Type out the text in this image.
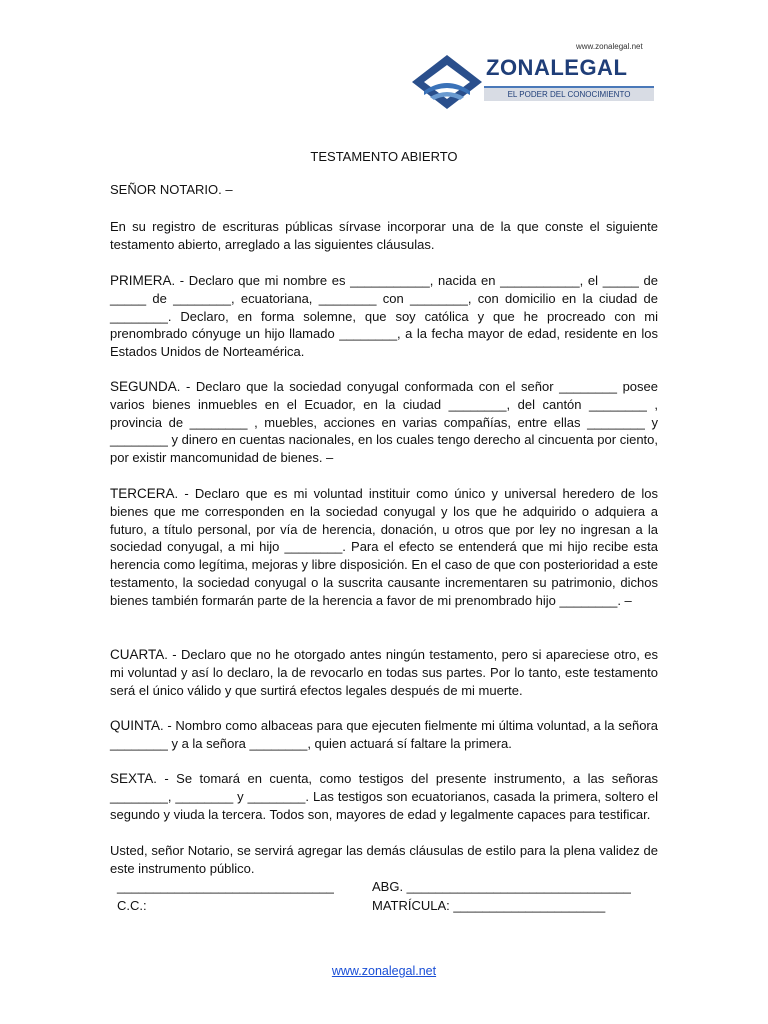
www.zonalegal.net
ZONALEGAL
EL PODER DEL CONOCIMIENTO
TESTAMENTO ABIERTO
SEÑOR NOTARIO. –
En su registro de escrituras públicas sírvase incorporar una de la que conste el siguiente testamento abierto, arreglado a las siguientes cláusulas.
PRIMERA. - Declaro que mi nombre es ___________, nacida en ___________, el _____ de _____ de ________, ecuatoriana, ________ con ________, con domicilio en la ciudad de ________. Declaro, en forma solemne, que soy católica y que he procreado con mi prenombrado cónyuge un hijo llamado ________, a la fecha mayor de edad, residente en los Estados Unidos de Norteamérica.
SEGUNDA. - Declaro que la sociedad conyugal conformada con el señor ________ posee varios bienes inmuebles en el Ecuador, en la ciudad ________, del cantón ________ , provincia de ________ , muebles, acciones en varias compañías, entre ellas ________ y ________ y dinero en cuentas nacionales, en los cuales tengo derecho al cincuenta por ciento, por existir mancomunidad de bienes. –
TERCERA. - Declaro que es mi voluntad instituir como único y universal heredero de los bienes que me corresponden en la sociedad conyugal y los que he adquirido o adquiera a futuro, a título personal, por vía de herencia, donación, u otros que por ley no ingresan a la sociedad conyugal, a mi hijo ________. Para el efecto se entenderá que mi hijo recibe esta herencia como legítima, mejoras y libre disposición. En el caso de que con posterioridad a este testamento, la sociedad conyugal o la suscrita causante incrementaren su patrimonio, dichos bienes también formarán parte de la herencia a favor de mi prenombrado hijo ________. –
CUARTA. - Declaro que no he otorgado antes ningún testamento, pero si apareciese otro, es mi voluntad y así lo declaro, la de revocarlo en todas sus partes. Por lo tanto, este testamento será el único válido y que surtirá efectos legales después de mi muerte.
QUINTA. - Nombro como albaceas para que ejecuten fielmente mi última voluntad, a la señora ________ y a la señora ________, quien actuará sí faltare la primera.
SEXTA. - Se tomará en cuenta, como testigos del presente instrumento, a las señoras ________, ________ y ________. Las testigos son ecuatorianos, casada la primera, soltero el segundo y viuda la tercera. Todos son, mayores de edad y legalmente capaces para testificar.
Usted, señor Notario, se servirá agregar las demás cláusulas de estilo para la plena validez de este instrumento público.
______________________________
C.C.:
ABG. _______________________________
MATRÍCULA: _____________________
www.zonalegal.net
